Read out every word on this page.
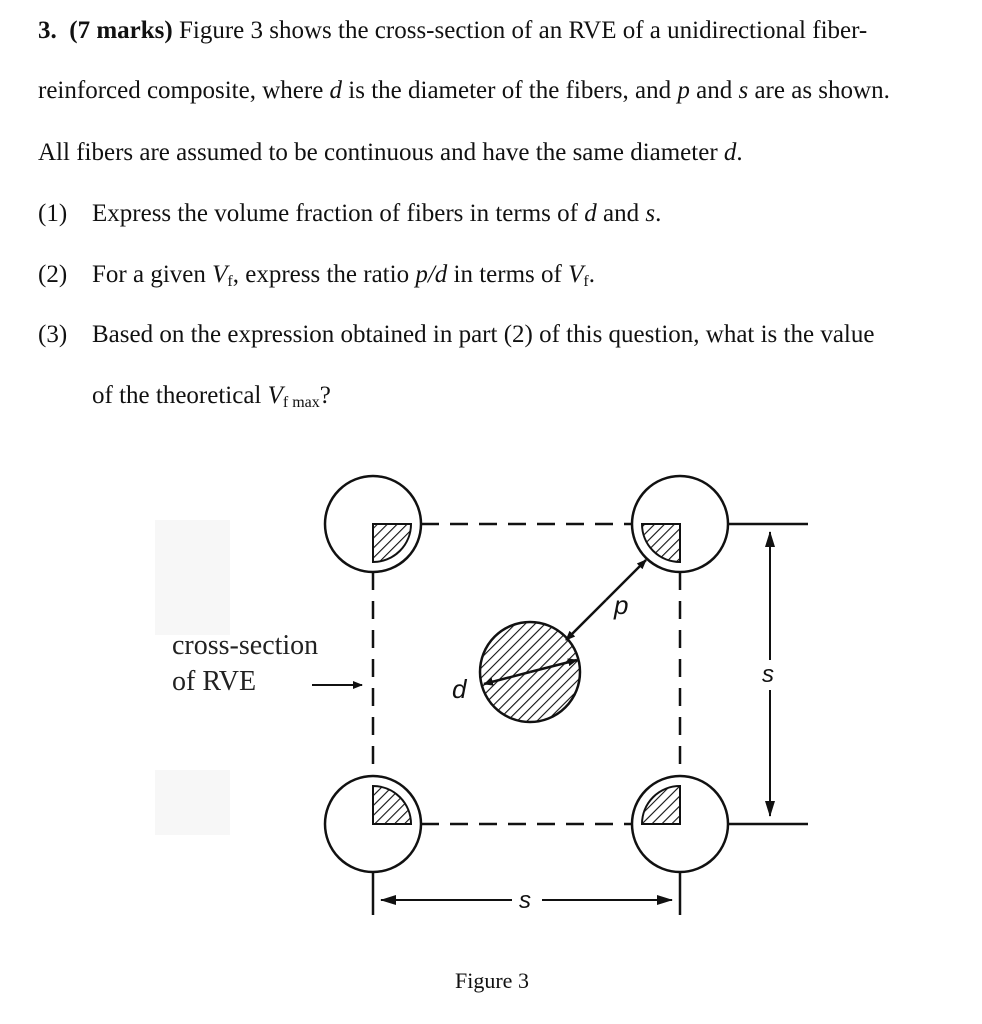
3. (7 marks) Figure 3 shows the cross-section of an RVE of a unidirectional fiber-
reinforced composite, where d is the diameter of the fibers, and p and s are as shown.
All fibers are assumed to be continuous and have the same diameter d.
(1) Express the volume fraction of fibers in terms of d and s.
(2) For a given $V_f$, express the ratio p/d in terms of $V_f$.
(3) Based on the expression obtained in part (2) of this question, what is the value
of the theoretical $V_{f max}$?
cross-section
of RVE	d
p
s
s
Figure 3
